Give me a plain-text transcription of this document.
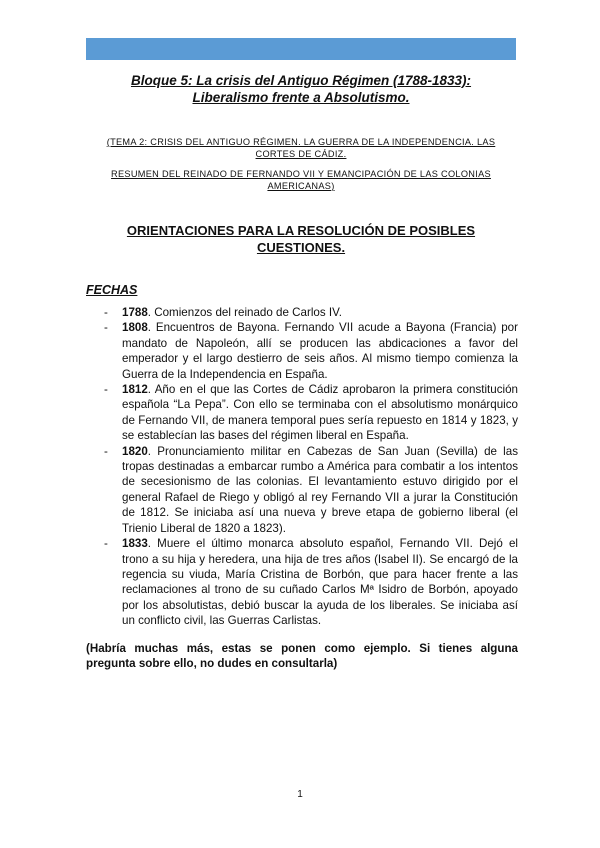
Bloque 5: La crisis del Antiguo Régimen (1788-1833):
Liberalismo frente a Absolutismo.
(TEMA 2: CRISIS DEL ANTIGUO RÉGIMEN. LA GUERRA DE LA INDEPENDENCIA. LAS
CORTES DE CÁDIZ.
RESUMEN DEL REINADO DE FERNANDO VII Y EMANCIPACIÓN DE LAS COLONIAS
AMERICANAS)
ORIENTACIONES PARA LA RESOLUCIÓN DE POSIBLES
CUESTIONES.
FECHAS
-	1788. Comienzos del reinado de Carlos IV.
-	1808. Encuentros de Bayona. Fernando VII acude a Bayona (Francia) por mandato de Napoleón, allí se producen las abdicaciones a favor del emperador y el largo destierro de seis años. Al mismo tiempo comienza la Guerra de la Independencia en España.
-	1812. Año en el que las Cortes de Cádiz aprobaron la primera constitución española “La Pepa”. Con ello se terminaba con el absolutismo monárquico de Fernando VII, de manera temporal pues sería repuesto en 1814 y 1823, y se establecían las bases del régimen liberal en España.
-	1820. Pronunciamiento militar en Cabezas de San Juan (Sevilla) de las tropas destinadas a embarcar rumbo a América para combatir a los intentos de secesionismo de las colonias. El levantamiento estuvo dirigido por el general Rafael de Riego y obligó al rey Fernando VII a jurar la Constitución de 1812. Se iniciaba así una nueva y breve etapa de gobierno liberal (el Trienio Liberal de 1820 a 1823).
-	1833. Muere el último monarca absoluto español, Fernando VII. Dejó el trono a su hija y heredera, una hija de tres años (Isabel II). Se encargó de la regencia su viuda, María Cristina de Borbón, que para hacer frente a las reclamaciones al trono de su cuñado Carlos Mª Isidro de Borbón, apoyado por los absolutistas, debió buscar la ayuda de los liberales. Se iniciaba así un conflicto civil, las Guerras Carlistas.
(Habría muchas más, estas se ponen como ejemplo. Si tienes alguna pregunta sobre ello, no dudes en consultarla)
1
